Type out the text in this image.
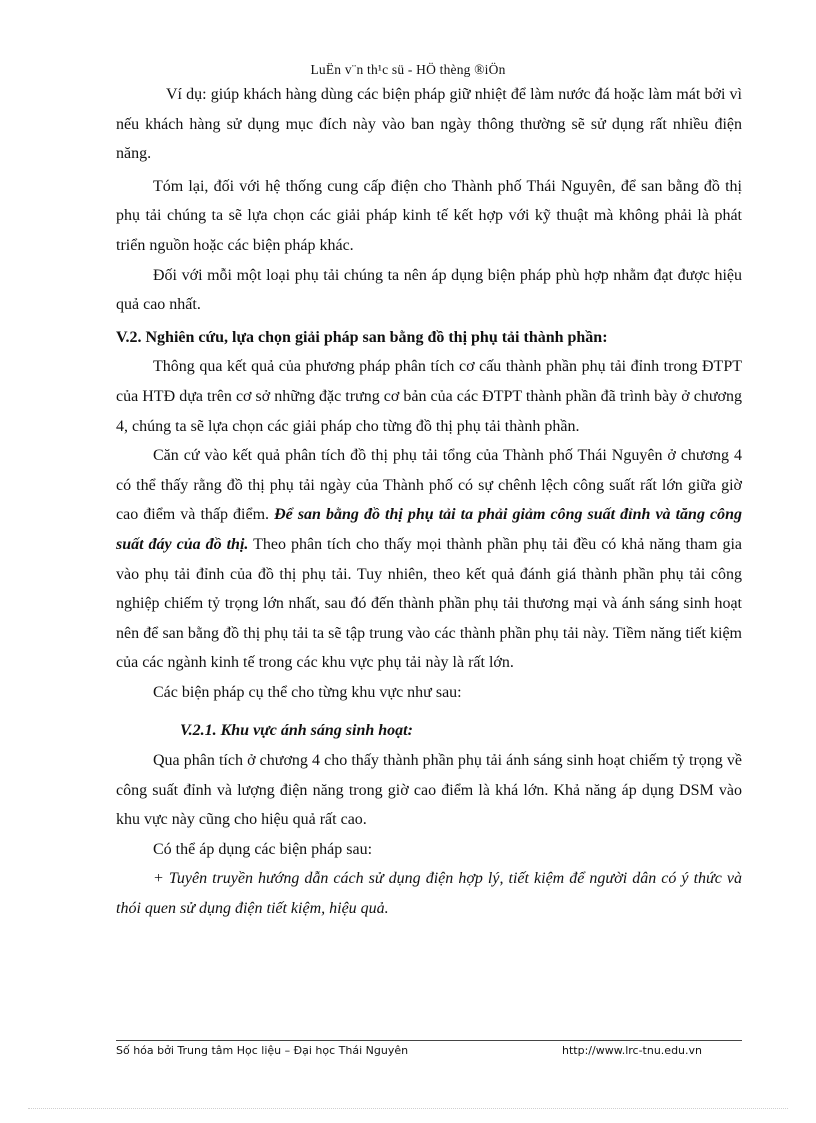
LuËn v¨n th¹c sü - HÖ thèng ®iÖn

Ví dụ: giúp khách hàng dùng các biện pháp giữ nhiệt để làm nước đá hoặc làm mát bởi vì nếu khách hàng sử dụng mục đích này vào ban ngày thông thường sẽ sử dụng rất nhiều điện năng.

Tóm lại, đối với hệ thống cung cấp điện cho Thành phố Thái Nguyên, để san bằng đồ thị phụ tải chúng ta sẽ lựa chọn các giải pháp kinh tế kết hợp với kỹ thuật mà không phải là phát triển nguồn hoặc các biện pháp khác.

Đối với mỗi một loại phụ tải chúng ta nên áp dụng biện pháp phù hợp nhằm đạt được hiệu quả cao nhất.

V.2. Nghiên cứu, lựa chọn giải pháp san bằng đồ thị phụ tải thành phần:

Thông qua kết quả của phương pháp phân tích cơ cấu thành phần phụ tải đỉnh trong ĐTPT của HTĐ dựa trên cơ sở những đặc trưng cơ bản của các ĐTPT thành phần đã trình bày ở chương 4, chúng ta sẽ lựa chọn các giải pháp cho từng đồ thị phụ tải thành phần.

Căn cứ vào kết quả phân tích đồ thị phụ tải tổng của Thành phố Thái Nguyên ở chương 4 có thể thấy rằng đồ thị phụ tải ngày của Thành phố có sự chênh lệch công suất rất lớn giữa giờ cao điểm và thấp điểm. Để san bằng đồ thị phụ tải ta phải giảm công suất đỉnh và tăng công suất đáy của đồ thị. Theo phân tích cho thấy mọi thành phần phụ tải đều có khả năng tham gia vào phụ tải đỉnh của đồ thị phụ tải. Tuy nhiên, theo kết quả đánh giá thành phần phụ tải công nghiệp chiếm tỷ trọng lớn nhất, sau đó đến thành phần phụ tải thương mại và ánh sáng sinh hoạt nên để san bằng đồ thị phụ tải ta sẽ tập trung vào các thành phần phụ tải này. Tiềm năng tiết kiệm của các ngành kinh tế trong các khu vực phụ tải này là rất lớn.

Các biện pháp cụ thể cho từng khu vực như sau:

V.2.1. Khu vực ánh sáng sinh hoạt:

Qua phân tích ở chương 4 cho thấy thành phần phụ tải ánh sáng sinh hoạt chiếm tỷ trọng về công suất đỉnh và lượng điện năng trong giờ cao điểm là khá lớn. Khả năng áp dụng DSM vào khu vực này cũng cho hiệu quả rất cao.

Có thể áp dụng các biện pháp sau:

+ Tuyên truyền hướng dẫn cách sử dụng điện hợp lý, tiết kiệm để người dân có ý thức và thói quen sử dụng điện tiết kiệm, hiệu quả.

Số hóa bởi Trung tâm Học liệu – Đại học Thái Nguyên	http://www.lrc-tnu.edu.vn
